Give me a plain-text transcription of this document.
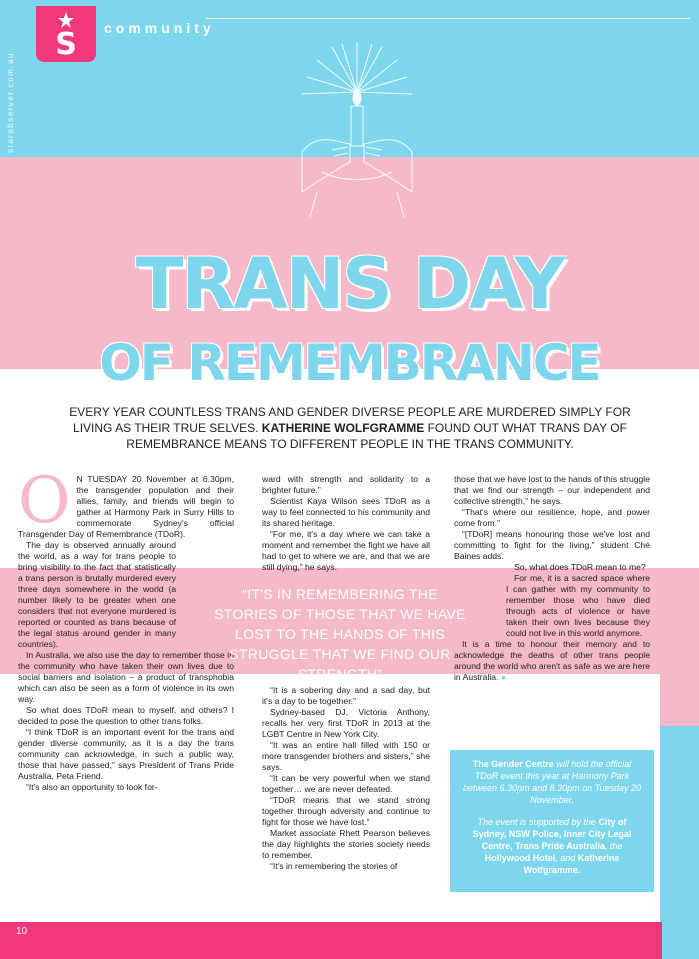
S community
starobserver.com.au
TRANS DAY
OF REMEMBRANCE
EVERY YEAR COUNTLESS TRANS AND GENDER DIVERSE PEOPLE ARE MURDERED SIMPLY FOR LIVING AS THEIR TRUE SELVES. KATHERINE WOLFGRAMME FOUND OUT WHAT TRANS DAY OF REMEMBRANCE MEANS TO DIFFERENT PEOPLE IN THE TRANS COMMUNITY.
O N TUESDAY 20 November at 6.30pm, the transgender population and their allies, family, and friends will begin to gather at Harmony Park in Surry Hills to commemorate Sydney's official Transgender Day of Remembrance (TDoR).

The day is observed annually around the world, as a way for trans people to bring visibility to the fact that statistically a trans person is brutally murdered every three days somewhere in the world (a number likely to be greater when one considers that not everyone murdered is reported or counted as trans because of the legal status around gender in many countries).

In Australia, we also use the day to remember those in the community who have taken their own lives due to social barriers and isolation – a product of transphobia which can also be seen as a form of violence in its own way.

So what does TDoR mean to myself, and others? I decided to pose the question to other trans folks.

“I think TDoR is an important event for the trans and gender diverse community, as it is a day the trans community can acknowledge, in such a public way, those that have passed,” says President of Trans Pride Australia, Peta Friend.

“It's also an opportunity to look for-

ward with strength and solidarity to a brighter future.”

Scientist Kaya Wilson sees TDoR as a way to feel connected to his community and its shared heritage.

“For me, it's a day where we can take a moment and remember the fight we have all had to get to where we are, and that we are still dying,” he says.

“It is a sobering day and a sad day, but it's a day to be together.”

Sydney-based DJ, Victoria Anthony, recalls her very first TDoR in 2013 at the LGBT Centre in New York City.

“It was an entire hall filled with 150 or more transgender brothers and sisters,” she says.

“It can be very powerful when we stand together… we are never defeated.

“TDoR means that we stand strong together through adversity and continue to fight for those we have lost.”

Market associate Rhett Pearson believes the day highlights the stories society needs to remember.

“It's in remembering the stories of

those that we have lost to the hands of this struggle that we find our strength – our independent and collective strength,” he says.

“That's where our resilience, hope, and power come from.”

“[TDoR] means honouring those we've lost and committing to fight for the living,” student Ché Baines adds.

So, what does TDoR mean to me?

For me, it is a sacred space where I can gather with my community to remember those who have died through acts of violence or have taken their own lives because they could not live in this world anymore.

It is a time to honour their memory and to acknowledge the deaths of other trans people around the world who aren't as safe as we are here in Australia. ●

“IT'S IN REMEMBERING THE STORIES OF THOSE THAT WE HAVE LOST TO THE HANDS OF THIS STRUGGLE THAT WE FIND OUR STRENGTH”

The Gender Centre will hold the official TDoR event this year at Harmony Park between 6.30pm and 8.30pm on Tuesday 20 November.

The event is supported by the City of Sydney, NSW Police, Inner City Legal Centre, Trans Pride Australia, the Hollywood Hotel, and Katherine Wolfgramme.

10
